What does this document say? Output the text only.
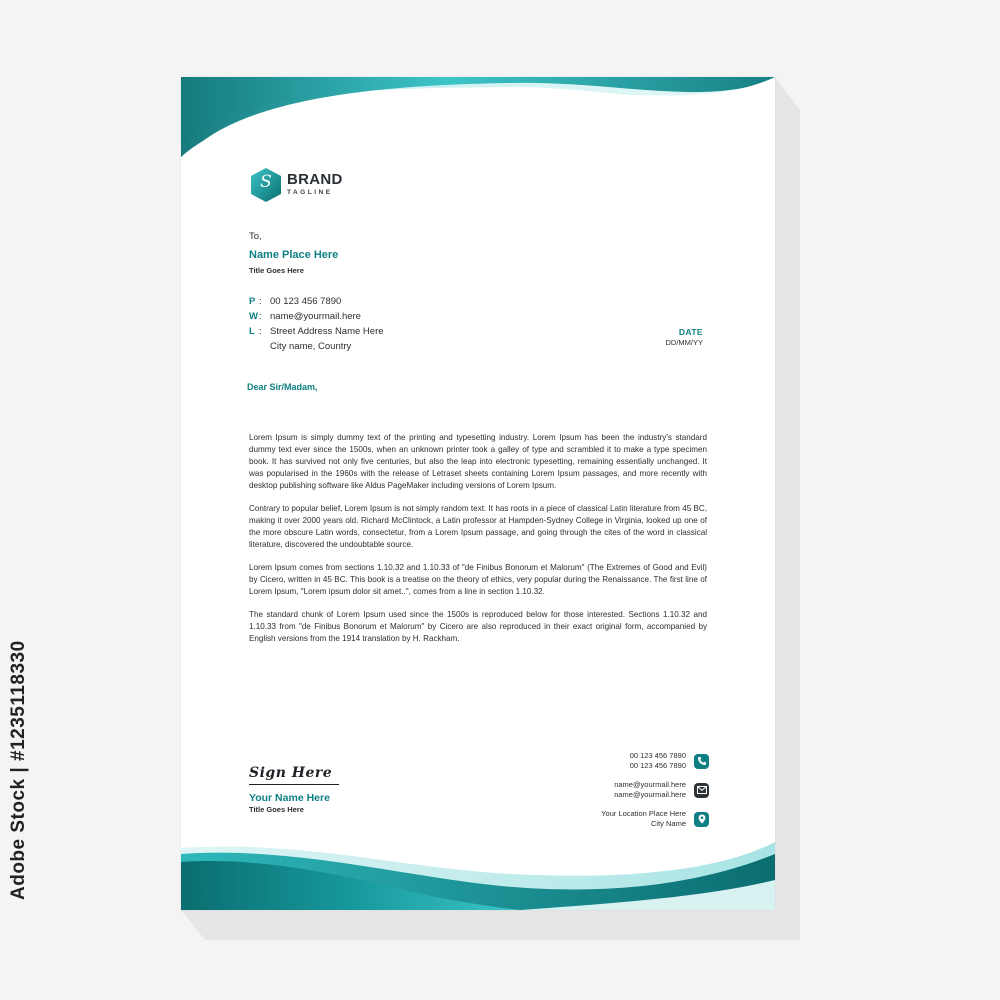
S	BRAND
TAGLINE
To,
Name Place Here
Title Goes Here
P : 00 123 456 7890
W : name@yourmail.here
L : Street Address Name Here
City name, Country
DATE
DD/MM/YY
Dear Sir/Madam,

Lorem Ipsum is simply dummy text of the printing and typesetting industry. Lorem Ipsum has been the industry's standard dummy text ever since the 1500s, when an unknown printer took a galley of type and scrambled it to make a type specimen book. It has survived not only five centuries, but also the leap into electronic typesetting, remaining essentially unchanged. It was popularised in the 1960s with the release of Letraset sheets containing Lorem Ipsum passages, and more recently with desktop publishing software like Aldus PageMaker including versions of Lorem Ipsum.

Contrary to popular belief, Lorem Ipsum is not simply random text. It has roots in a piece of classical Latin literature from 45 BC, making it over 2000 years old. Richard McClintock, a Latin professor at Hampden-Sydney College in Virginia, looked up one of the more obscure Latin words, consectetur, from a Lorem Ipsum passage, and going through the cites of the word in classical literature, discovered the undoubtable source.

Lorem Ipsum comes from sections 1.10.32 and 1.10.33 of "de Finibus Bonorum et Malorum" (The Extremes of Good and Evil) by Cicero, written in 45 BC. This book is a treatise on the theory of ethics, very popular during the Renaissance. The first line of Lorem Ipsum, "Lorem ipsum dolor sit amet..", comes from a line in section 1.10.32.

The standard chunk of Lorem Ipsum used since the 1500s is reproduced below for those interested. Sections 1.10.32 and 1.10.33 from "de Finibus Bonorum et Malorum" by Cicero are also reproduced in their exact original form, accompanied by English versions from the 1914 translation by H. Rackham.

Sign Here
Your Name Here
Title Goes Here
00 123 456 7890
00 123 456 7890
name@yourmail.here
name@yourmail.here
Your Location Place Here
City Name
Adobe Stock | #1235118330
